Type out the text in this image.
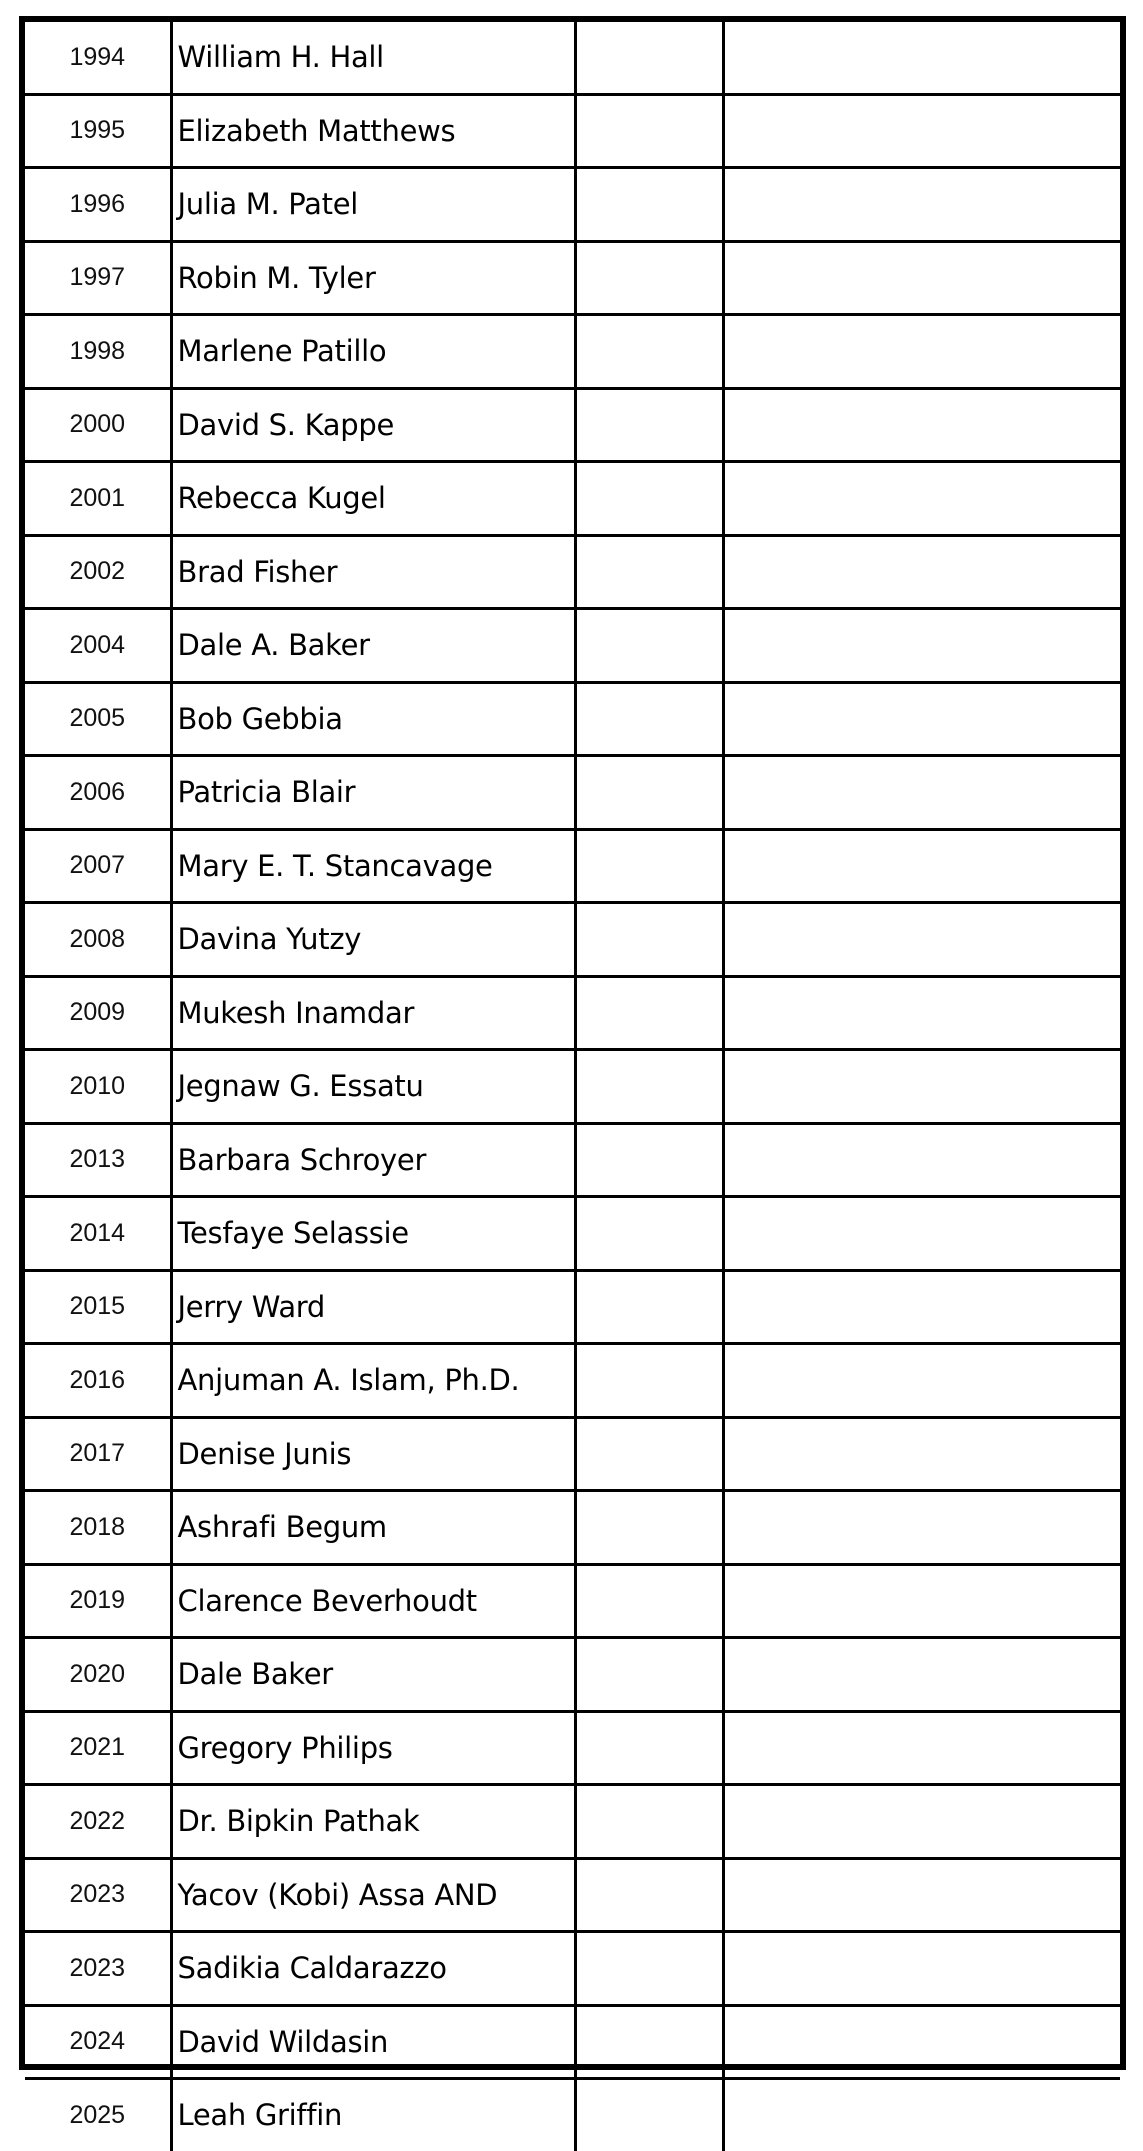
1994	William H. Hall		
1995	Elizabeth Matthews		
1996	Julia M. Patel		
1997	Robin M. Tyler		
1998	Marlene Patillo		
2000	David S. Kappe		
2001	Rebecca Kugel		
2002	Brad Fisher		
2004	Dale A. Baker		
2005	Bob Gebbia		
2006	Patricia Blair		
2007	Mary E. T. Stancavage		
2008	Davina Yutzy		
2009	Mukesh Inamdar		
2010	Jegnaw G. Essatu		
2013	Barbara Schroyer		
2014	Tesfaye Selassie		
2015	Jerry Ward		
2016	Anjuman A. Islam, Ph.D.		
2017	Denise Junis		
2018	Ashrafi Begum		
2019	Clarence Beverhoudt		
2020	Dale Baker		
2021	Gregory Philips		
2022	Dr. Bipkin Pathak		
2023	Yacov (Kobi) Assa AND		
2023	Sadikia Caldarazzo		
2024	David Wildasin		
2025	Leah Griffin		
